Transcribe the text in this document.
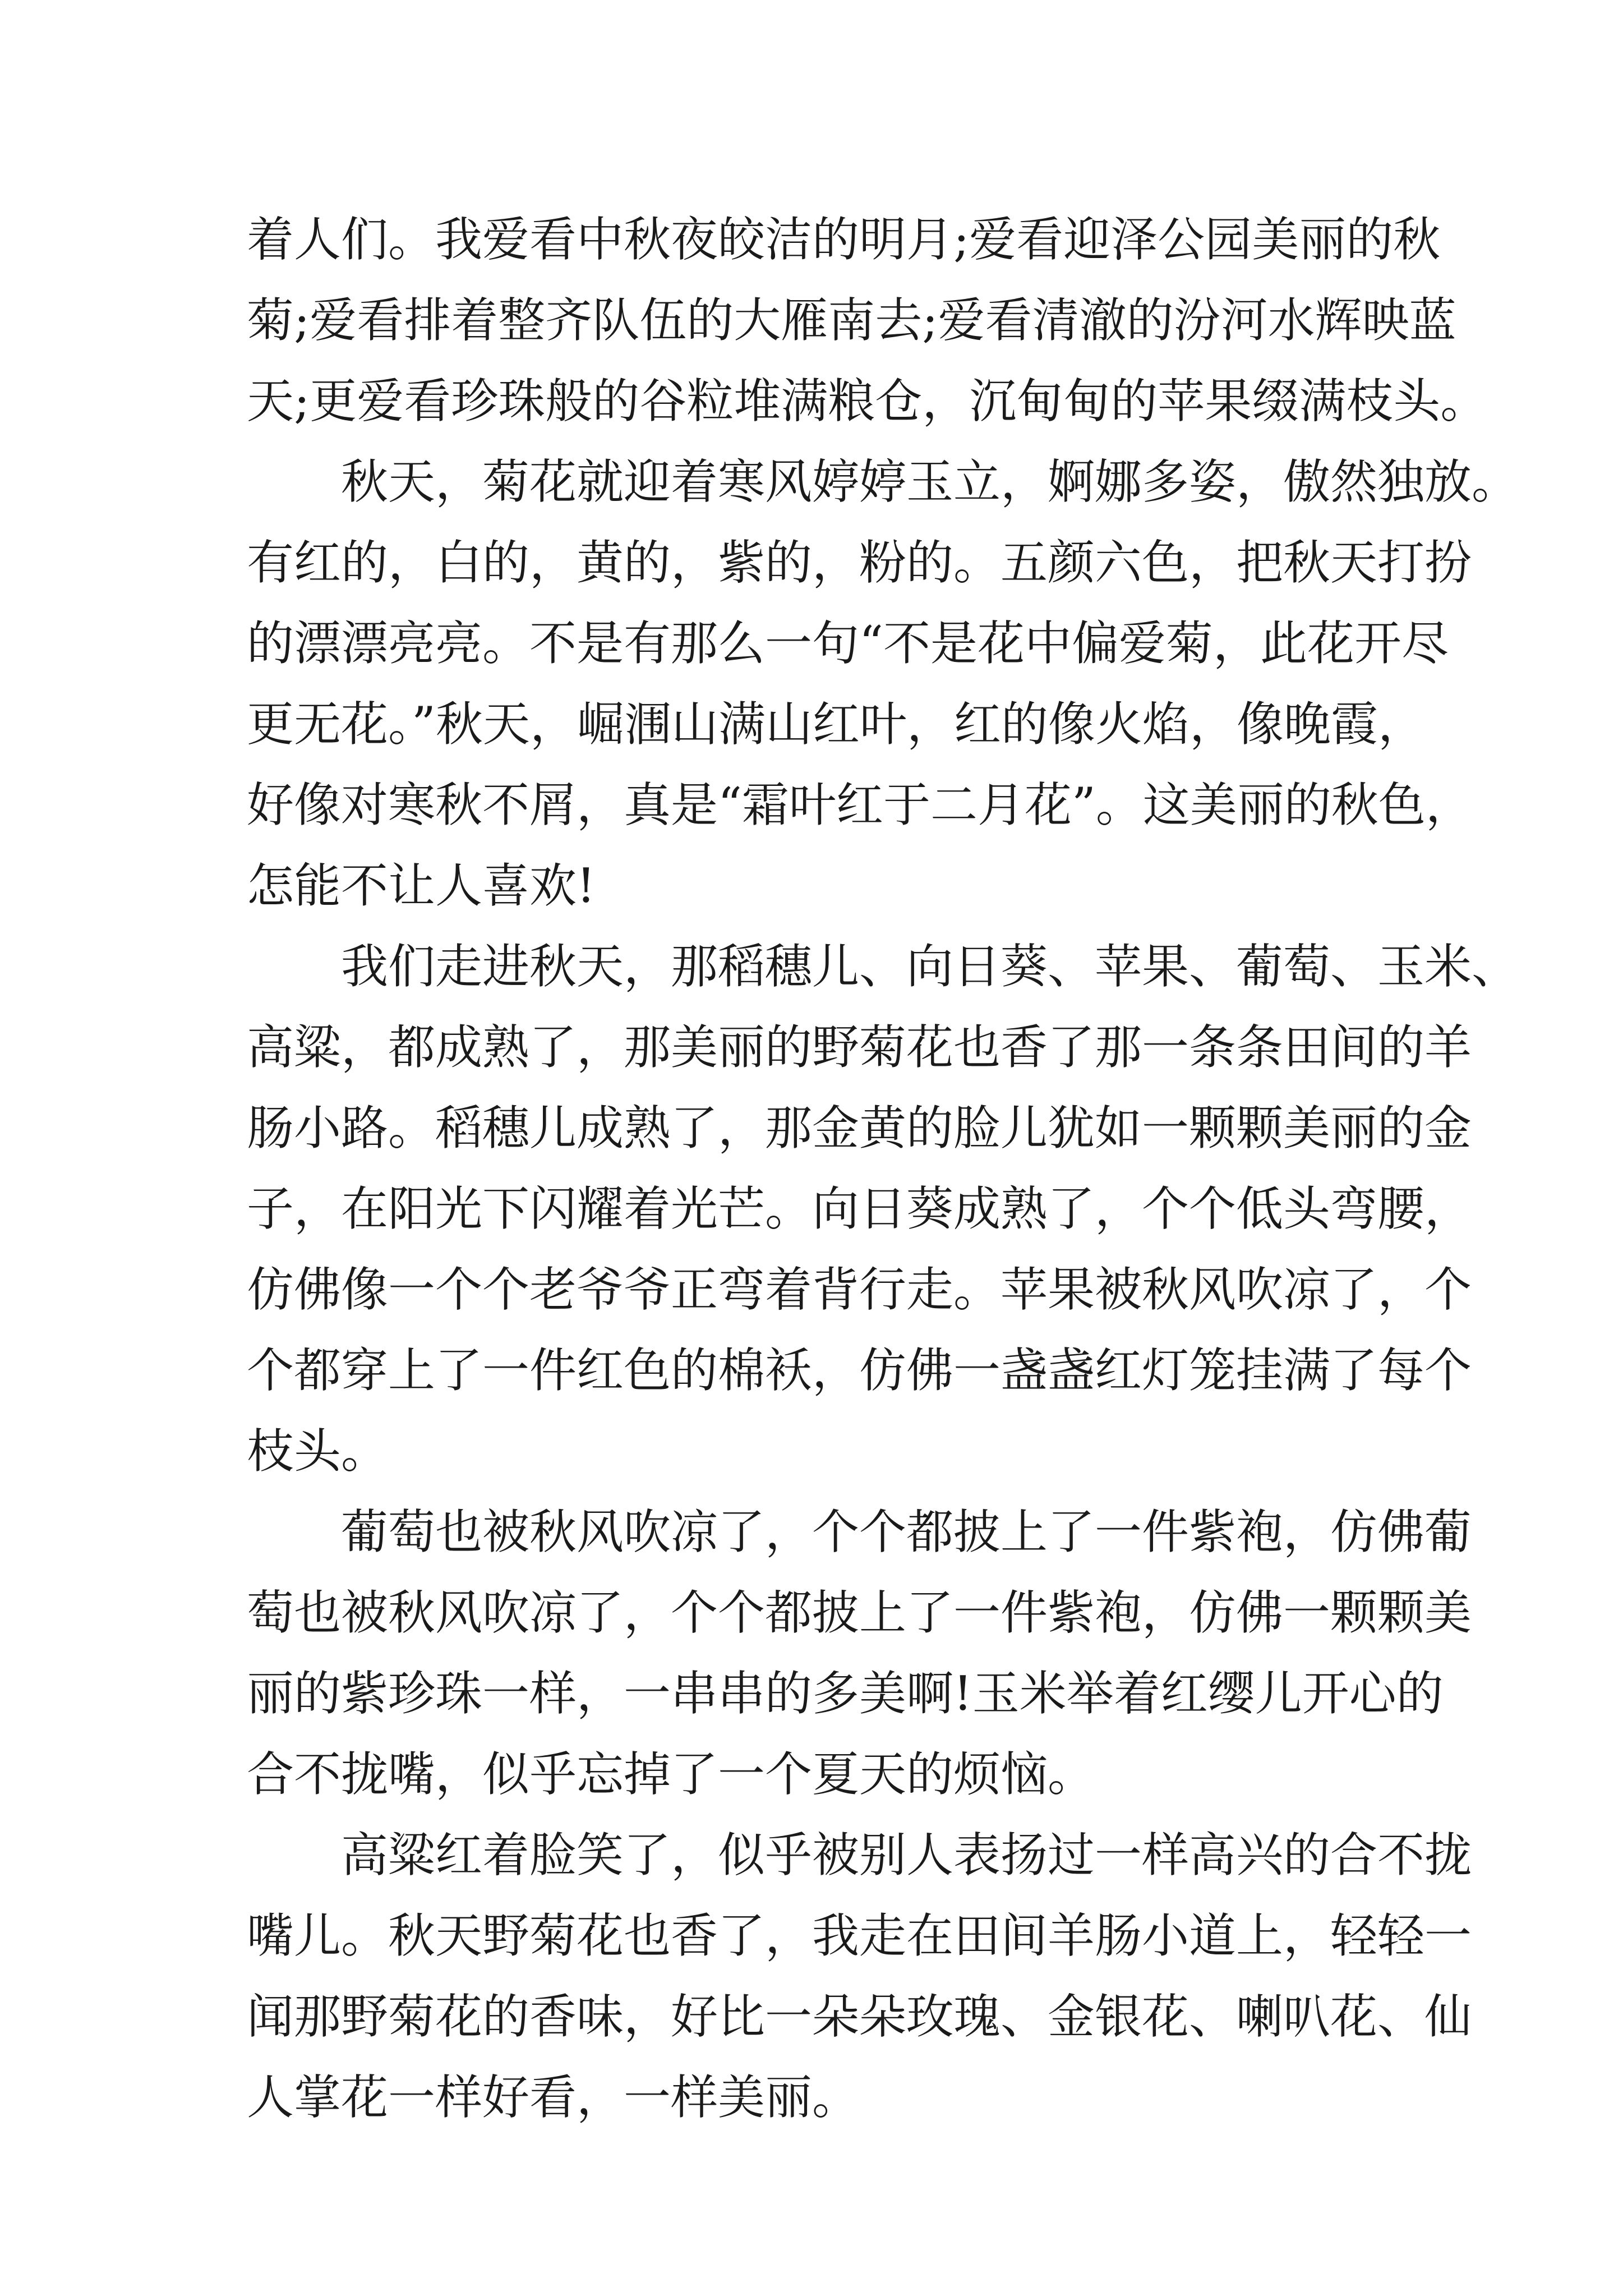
着人们。我爱看中秋夜皎洁的明月;爱看迎泽公园美丽的秋
菊;爱看排着整齐队伍的大雁南去;爱看清澈的汾河水辉映蓝
天;更爱看珍珠般的谷粒堆满粮仓，沉甸甸的苹果缀满枝头。

秋天，菊花就迎着寒风婷婷玉立，婀娜多姿，傲然独放。
有红的，白的，黄的，紫的，粉的。五颜六色，把秋天打扮
的漂漂亮亮。不是有那么一句“不是花中偏爱菊，此花开尽
更无花。”秋天，崛涠山满山红叶，红的像火焰，像晚霞，
好像对寒秋不屑，真是“霜叶红于二月花”。这美丽的秋色，
怎能不让人喜欢!

我们走进秋天，那稻穗儿、向日葵、苹果、葡萄、玉米、
高粱，都成熟了，那美丽的野菊花也香了那一条条田间的羊
肠小路。稻穗儿成熟了，那金黄的脸儿犹如一颗颗美丽的金
子，在阳光下闪耀着光芒。向日葵成熟了，个个低头弯腰，
仿佛像一个个老爷爷正弯着背行走。苹果被秋风吹凉了，个
个都穿上了一件红色的棉袄，仿佛一盏盏红灯笼挂满了每个
枝头。

葡萄也被秋风吹凉了，个个都披上了一件紫袍，仿佛葡
萄也被秋风吹凉了，个个都披上了一件紫袍，仿佛一颗颗美
丽的紫珍珠一样，一串串的多美啊!玉米举着红缨儿开心的
合不拢嘴，似乎忘掉了一个夏天的烦恼。

高粱红着脸笑了，似乎被别人表扬过一样高兴的合不拢
嘴儿。秋天野菊花也香了，我走在田间羊肠小道上，轻轻一
闻那野菊花的香味，好比一朵朵玫瑰、金银花、喇叭花、仙
人掌花一样好看，一样美丽。
